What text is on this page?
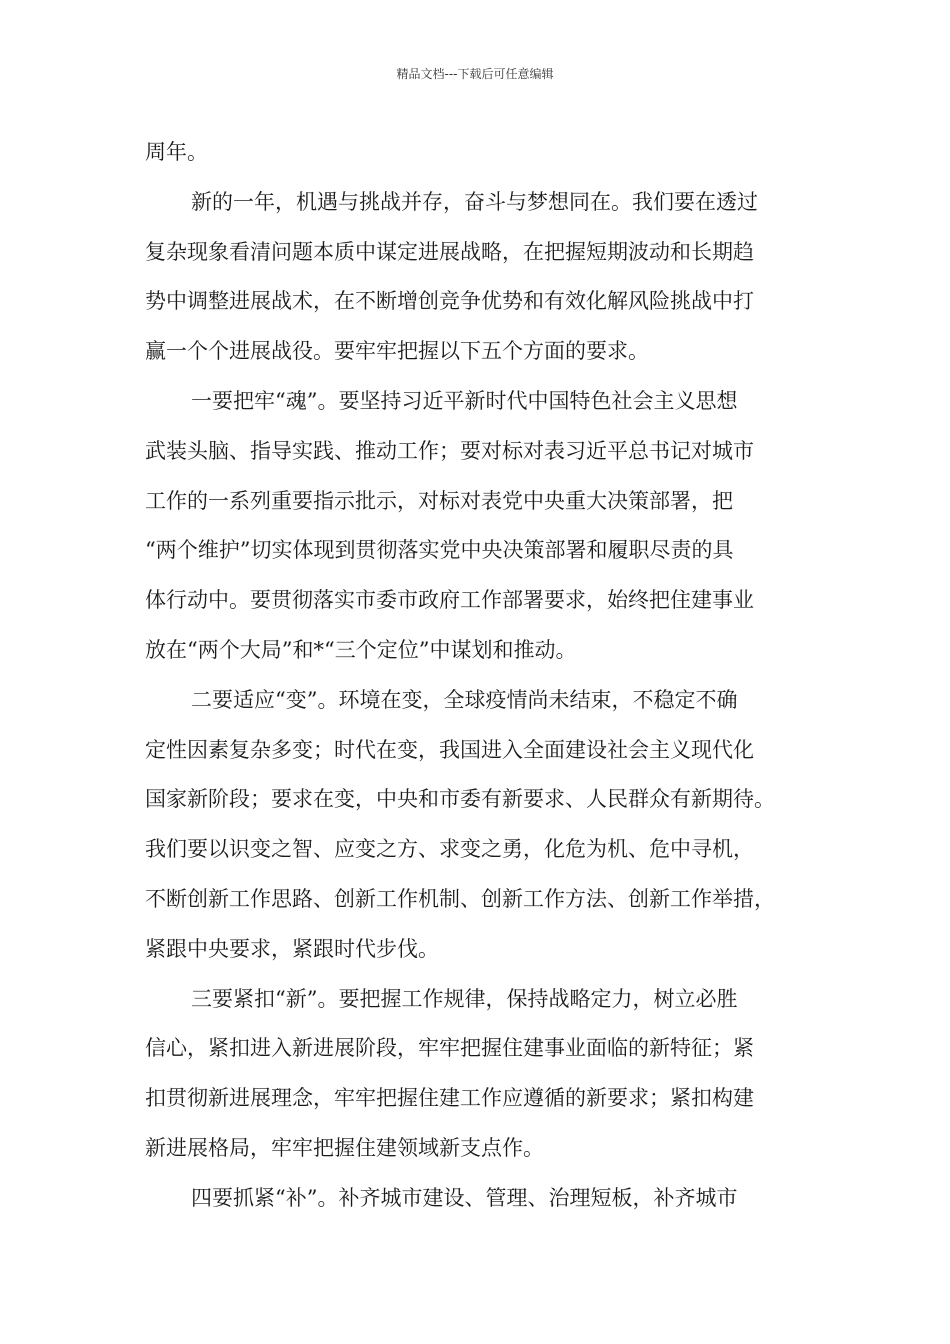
精品文档---下载后可任意编辑
周年。
新的一年，机遇与挑战并存，奋斗与梦想同在。我们要在透过
复杂现象看清问题本质中谋定进展战略，在把握短期波动和长期趋
势中调整进展战术，在不断增创竞争优势和有效化解风险挑战中打
赢一个个进展战役。要牢牢把握以下五个方面的要求。
一要把牢“魂”。要坚持习近平新时代中国特色社会主义思想
武装头脑、指导实践、推动工作；要对标对表习近平总书记对城市
工作的一系列重要指示批示，对标对表党中央重大决策部署，把
“两个维护”切实体现到贯彻落实党中央决策部署和履职尽责的具
体行动中。要贯彻落实市委市政府工作部署要求，始终把住建事业
放在“两个大局”和*“三个定位”中谋划和推动。
二要适应“变”。环境在变，全球疫情尚未结束，不稳定不确
定性因素复杂多变；时代在变，我国进入全面建设社会主义现代化
国家新阶段；要求在变，中央和市委有新要求、人民群众有新期待。
我们要以识变之智、应变之方、求变之勇，化危为机、危中寻机，
不断创新工作思路、创新工作机制、创新工作方法、创新工作举措，
紧跟中央要求，紧跟时代步伐。
三要紧扣“新”。要把握工作规律，保持战略定力，树立必胜
信心，紧扣进入新进展阶段，牢牢把握住建事业面临的新特征；紧
扣贯彻新进展理念，牢牢把握住建工作应遵循的新要求；紧扣构建
新进展格局，牢牢把握住建领域新支点作。
四要抓紧“补”。补齐城市建设、管理、治理短板，补齐城市
